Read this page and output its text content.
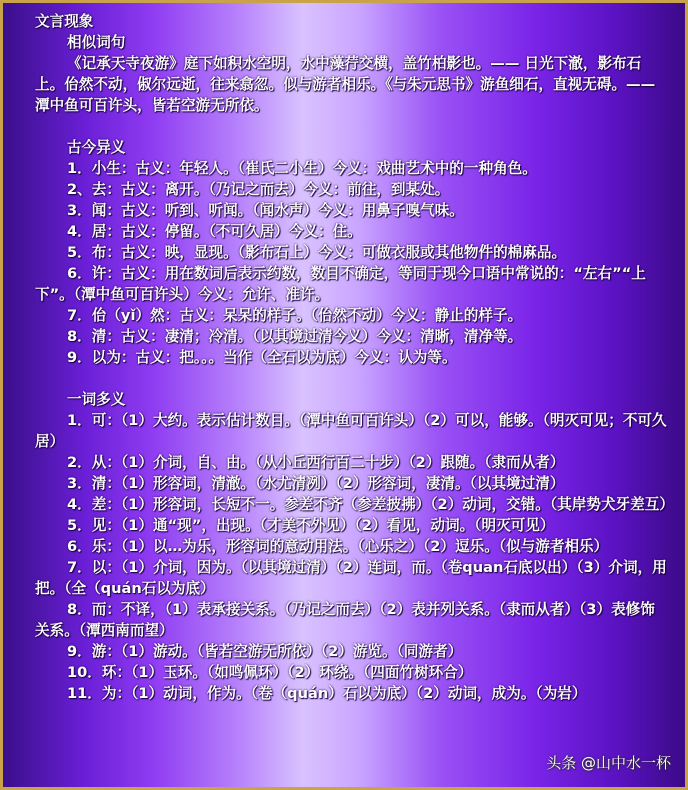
文言现象
相似词句
《记承天寺夜游》庭下如积水空明，水中藻荇交横，盖竹柏影也。—— 日光下澈，影布石上。佁然不动，俶尔远逝，往来翕忽。似与游者相乐。《与朱元思书》游鱼细石，直视无碍。——潭中鱼可百许头，皆若空游无所依。
古今异义
1．小生：古义：年轻人。（崔氏二小生）今义：戏曲艺术中的一种角色。
2、去：古义：离开。（乃记之而去）今义：前往，到某处。
3．闻：古义：听到、听闻。（闻水声）今义：用鼻子嗅气味。
4．居：古义：停留。（不可久居）今义：住。
5．布：古义：映，显现。（影布石上）今义：可做衣服或其他物件的棉麻品。
6．许：古义：用在数词后表示约数，数目不确定，等同于现今口语中常说的：“左右”“上下”。（潭中鱼可百许头）今义：允许、准许。
7．佁（yǐ）然：古义：呆呆的样子。（佁然不动）今义：静止的样子。
8．清：古义：凄清；冷清。（以其境过清今义）今义：清晰，清净等。
9．以为：古义：把。。。当作（全石以为底）今义：认为等。
一词多义
1．可：（1）大约。表示估计数目。（潭中鱼可百许头）（2）可以，能够。（明灭可见；不可久居）
2．从：（1）介词，自、由。（从小丘西行百二十步）（2）跟随。（隶而从者）
3．清：（1）形容词，清澈。（水尤清冽）（2）形容词，凄清。（以其境过清）
4．差：（1）形容词，长短不一。参差不齐（参差披拂）（2）动词，交错。（其岸势犬牙差互）
5．见：（1）通“现”，出现。（才美不外见）（2）看见，动词。（明灭可见）
6．乐：（1）以…为乐，形容词的意动用法。（心乐之）（2）逗乐。（似与游者相乐）
7．以：（1）介词，因为。（以其境过清）（2）连词，而。（卷quan石底以出）（3）介词，用把。（全（quán石以为底）
8．而：不译，（1）表承接关系。（乃记之而去）（2）表并列关系。（隶而从者）（3）表修饰关系。（潭西南而望）
9．游：（1）游动。（皆若空游无所依）（2）游览。（同游者）
10．环：（1）玉环。（如鸣佩环）（2）环绕。（四面竹树环合）
11．为：（1）动词，作为。（卷（quán）石以为底）（2）动词，成为。（为岩）
头条 @山中水一杯
